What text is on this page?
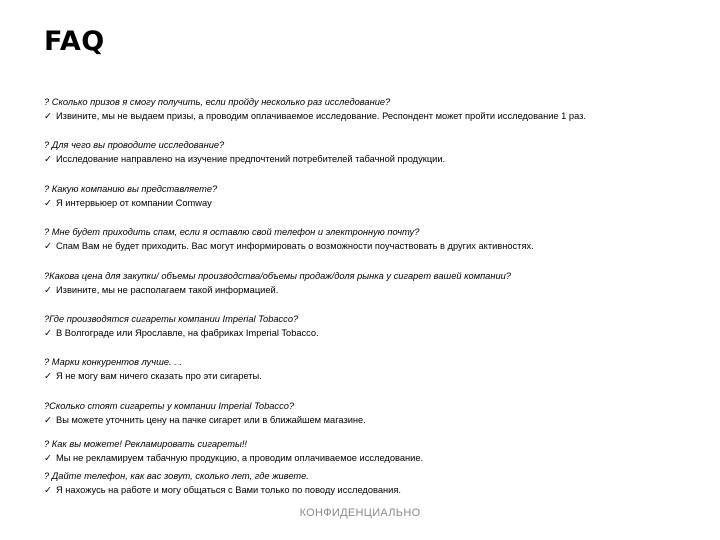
FAQ
? Сколько призов я смогу получить, если пройду несколько раз исследование?
✓ Извините, мы не выдаем призы, а проводим оплачиваемое исследование. Респондент может пройти исследование 1 раз.
? Для чего вы проводите исследование?
✓ Исследование направлено на изучение предпочтений потребителей табачной продукции.
? Какую компанию вы представляете?
✓ Я интервьюер от компании Comway
? Мне будет приходить спам, если я оставлю свой телефон и электронную почту?
✓ Спам Вам не будет приходить. Вас могут информировать о возможности поучаствовать в других активностях.
?Какова цена для закупки/ объемы производства/объемы продаж/доля рынка у сигарет вашей компании?
✓ Извините, мы не располагаем такой информацией.
?Где производятся сигареты компании Imperial Tobacco?
✓ В Волгограде или Ярославле, на фабриках Imperial Tobacco.
? Марки конкурентов лучше. . .
✓ Я не могу вам ничего сказать про эти сигареты.
?Сколько стоят сигареты у компании Imperial Tobacco?
✓ Вы можете уточнить цену на пачке сигарет или в ближайшем магазине.
? Как вы можете! Рекламировать сигареты!!
✓ Мы не рекламируем табачную продукцию, а проводим оплачиваемое исследование.
? Дайте телефон, как вас зовут, сколько лет, где живете.
✓ Я нахожусь на работе и могу общаться с Вами только по поводу исследования.
КОНФИДЕНЦИАЛЬНО
